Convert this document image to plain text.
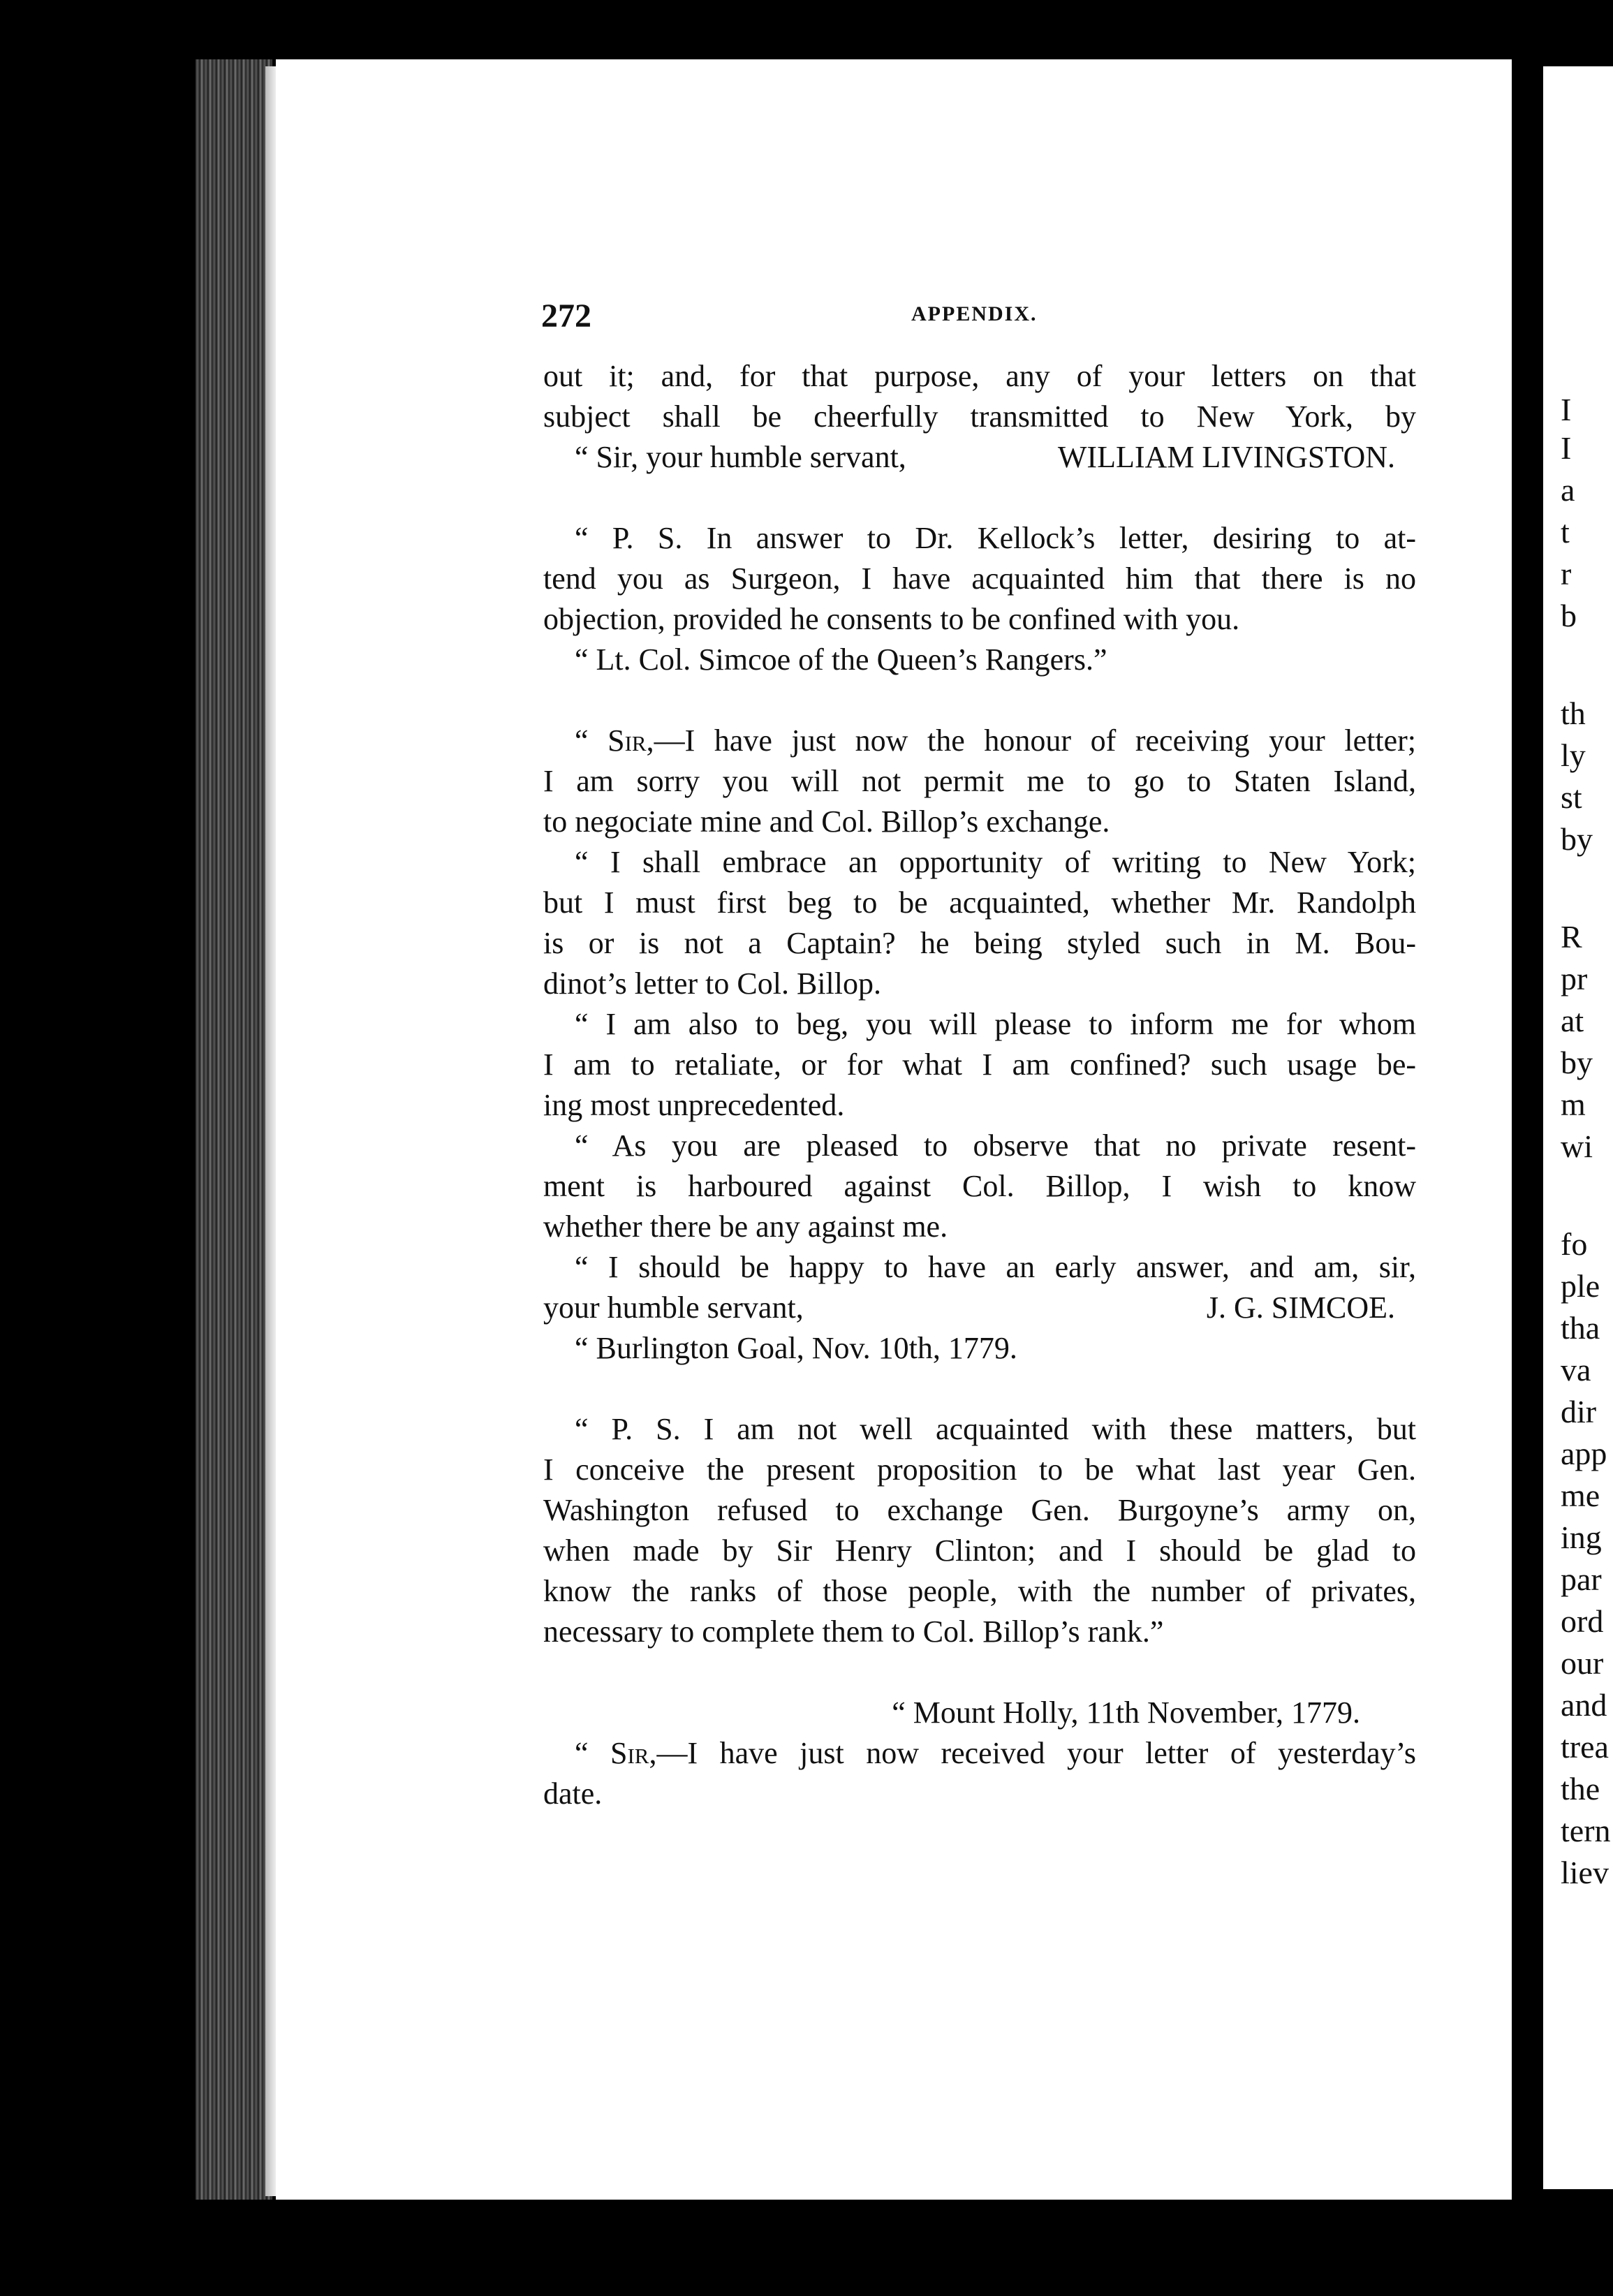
I
I
a
t
r
b
th
ly
st
by
R
pr
at
by
m
wi
fo
ple
tha
va
dir
app
me
ing
par
ord
our
and
trea
the
tern
liev
272	APPENDIX.

out it; and, for that purpose, any of your letters on that

subject shall be cheerfully transmitted to New York, by

“ Sir, your humble servant,	WILLIAM LIVINGSTON.

“ P. S. In answer to Dr. Kellock’s letter, desiring to at-

tend you as Surgeon, I have acquainted him that there is no

objection, provided he consents to be confined with you.

“ Lt. Col. Simcoe of the Queen’s Rangers.”

“ Sir,—I have just now the honour of receiving your letter;

I am sorry you will not permit me to go to Staten Island,

to negociate mine and Col. Billop’s exchange.

“ I shall embrace an opportunity of writing to New York;

but I must first beg to be acquainted, whether Mr. Randolph

is or is not a Captain? he being styled such in M. Bou-

dinot’s letter to Col. Billop.

“ I am also to beg, you will please to inform me for whom

I am to retaliate, or for what I am confined? such usage be-

ing most unprecedented.

“ As you are pleased to observe that no private resent-

ment is harboured against Col. Billop, I wish to know

whether there be any against me.

“ I should be happy to have an early answer, and am, sir,

your humble servant,	J. G. SIMCOE.

“ Burlington Goal, Nov. 10th, 1779.

“ P. S. I am not well acquainted with these matters, but

I conceive the present proposition to be what last year Gen.

Washington refused to exchange Gen. Burgoyne’s army on,

when made by Sir Henry Clinton; and I should be glad to

know the ranks of those people, with the number of privates,

necessary to complete them to Col. Billop’s rank.”

“ Mount Holly, 11th November, 1779.

“ Sir,—I have just now received your letter of yesterday’s

date.
